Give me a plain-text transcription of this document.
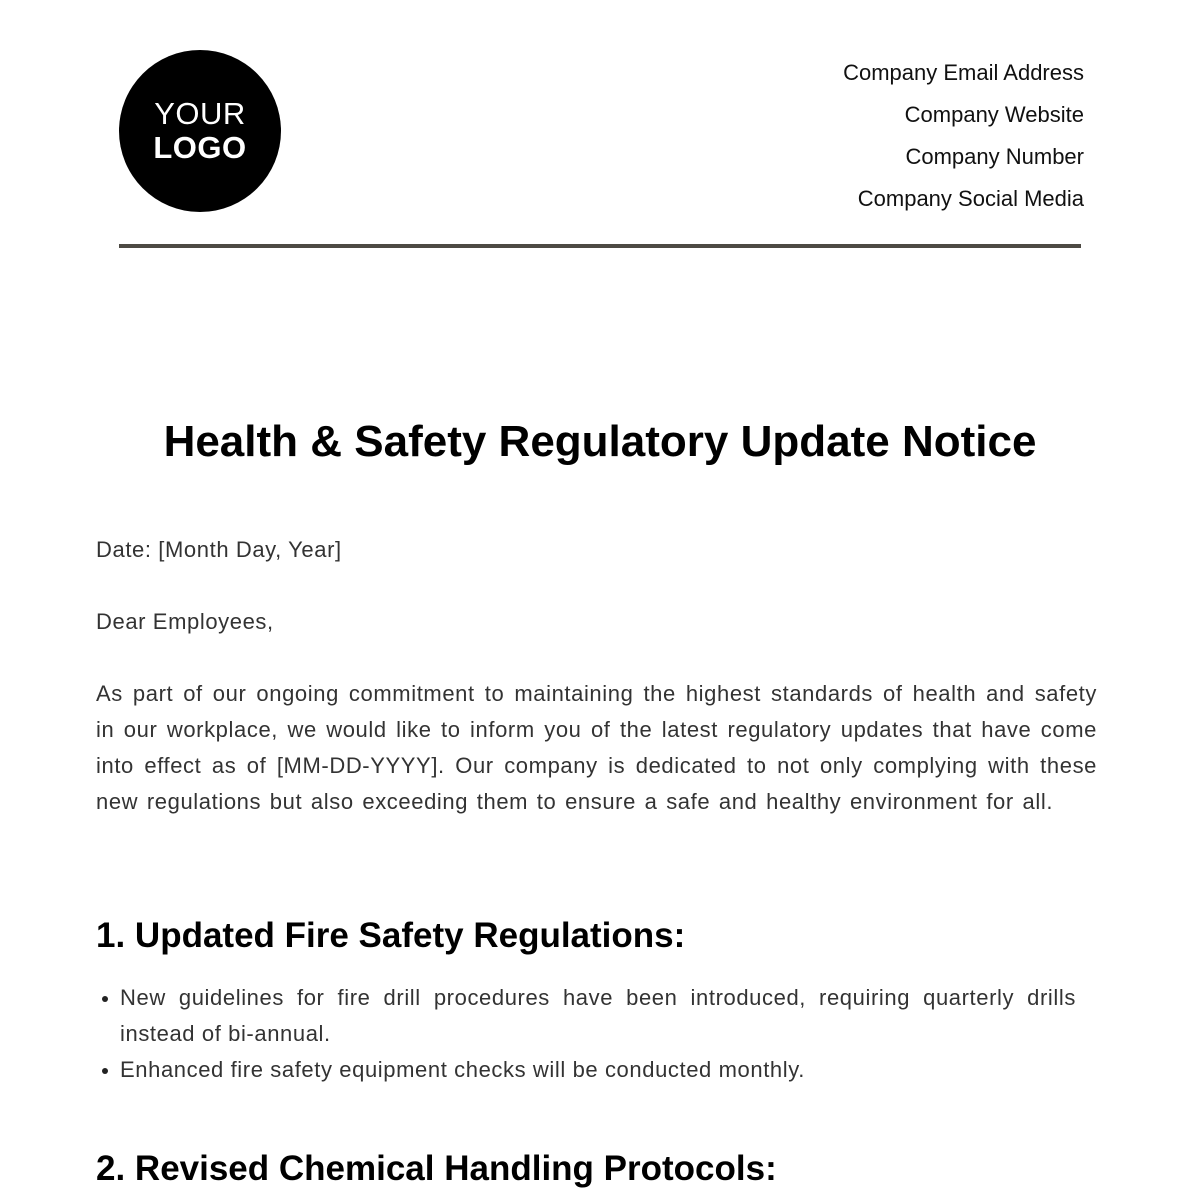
YOUR
LOGO
Company Email Address
Company Website
Company Number
Company Social Media
Health & Safety Regulatory Update Notice

Date: [Month Day, Year]

Dear Employees,

As part of our ongoing commitment to maintaining the highest standards of health and safety in our workplace, we would like to inform you of the latest regulatory updates that have come into effect as of [MM-DD-YYYY]. Our company is dedicated to not only complying with these new regulations but also exceeding them to ensure a safe and healthy environment for all.

1. Updated Fire Safety Regulations:
New guidelines for fire drill procedures have been introduced, requiring quarterly drills instead of bi-annual.
Enhanced fire safety equipment checks will be conducted monthly.
2. Revised Chemical Handling Protocols:
